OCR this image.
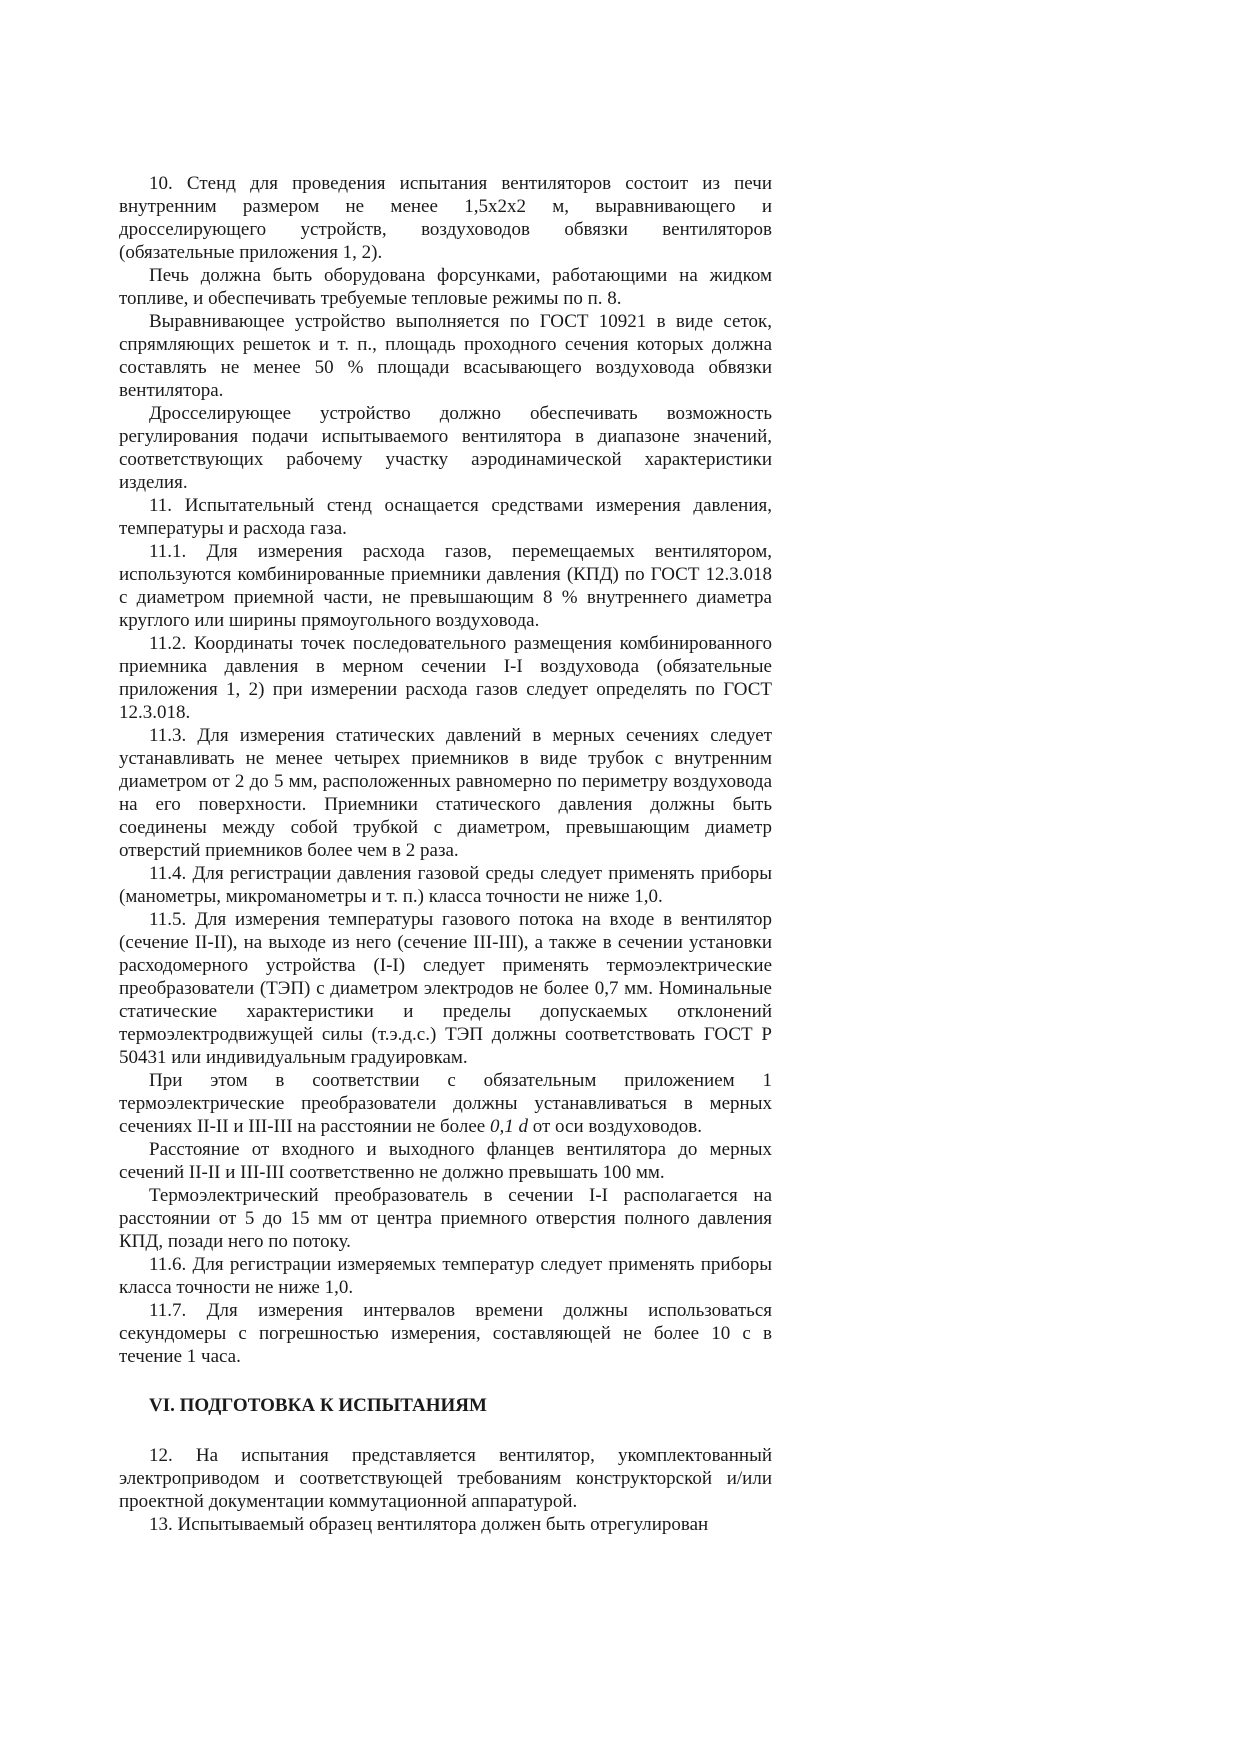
10. Стенд для проведения испытания вентиляторов состоит из печи внутренним размером не менее 1,5x2x2 м, выравнивающего и дросселирующего устройств, воздуховодов обвязки вентиляторов (обязательные приложения 1, 2).

Печь должна быть оборудована форсунками, работающими на жидком топливе, и обеспечивать требуемые тепловые режимы по п. 8.

Выравнивающее устройство выполняется по ГОСТ 10921 в виде сеток, спрямляющих решеток и т. п., площадь проходного сечения которых должна составлять не менее 50 % площади всасывающего воздуховода обвязки вентилятора.

Дросселирующее устройство должно обеспечивать возможность регулирования подачи испытываемого вентилятора в диапазоне значений, соответствующих рабочему участку аэродинамической характеристики изделия.

11. Испытательный стенд оснащается средствами измерения давления, температуры и расхода газа.

11.1. Для измерения расхода газов, перемещаемых вентилятором, используются комбинированные приемники давления (КПД) по ГОСТ 12.3.018 с диаметром приемной части, не превышающим 8 % внутреннего диаметра круглого или ширины прямоугольного воздуховода.

11.2. Координаты точек последовательного размещения комбинированного приемника давления в мерном сечении I-I воздуховода (обязательные приложения 1, 2) при измерении расхода газов следует определять по ГОСТ 12.3.018.

11.3. Для измерения статических давлений в мерных сечениях следует устанавливать не менее четырех приемников в виде трубок с внутренним диаметром от 2 до 5 мм, расположенных равномерно по периметру воздуховода на его поверхности. Приемники статического давления должны быть соединены между собой трубкой с диаметром, превышающим диаметр отверстий приемников более чем в 2 раза.

11.4. Для регистрации давления газовой среды следует применять приборы (манометры, микроманометры и т. п.) класса точности не ниже 1,0.

11.5. Для измерения температуры газового потока на входе в вентилятор (сечение II-II), на выходе из него (сечение III-III), а также в сечении установки расходомерного устройства (I-I) следует применять термоэлектрические преобразователи (ТЭП) с диаметром электродов не более 0,7 мм. Номинальные статические характеристики и пределы допускаемых отклонений термоэлектродвижущей силы (т.э.д.с.) ТЭП должны соответствовать ГОСТ Р 50431 или индивидуальным градуировкам.

При этом в соответствии с обязательным приложением 1 термоэлектрические преобразователи должны устанавливаться в мерных сечениях II-II и III-III на расстоянии не более 0,1 d от оси воздуховодов.

Расстояние от входного и выходного фланцев вентилятора до мерных сечений II-II и III-III соответственно не должно превышать 100 мм.

Термоэлектрический преобразователь в сечении I-I располагается на расстоянии от 5 до 15 мм от центра приемного отверстия полного давления КПД, позади него по потоку.

11.6. Для регистрации измеряемых температур следует применять приборы класса точности не ниже 1,0.

11.7. Для измерения интервалов времени должны использоваться секундомеры с погрешностью измерения, составляющей не более 10 с в течение 1 часа.

VI. ПОДГОТОВКА К ИСПЫТАНИЯМ

12. На испытания представляется вентилятор, укомплектованный электроприводом и соответствующей требованиям конструкторской и/или проектной документации коммутационной аппаратурой.

13. Испытываемый образец вентилятора должен быть отрегулирован
